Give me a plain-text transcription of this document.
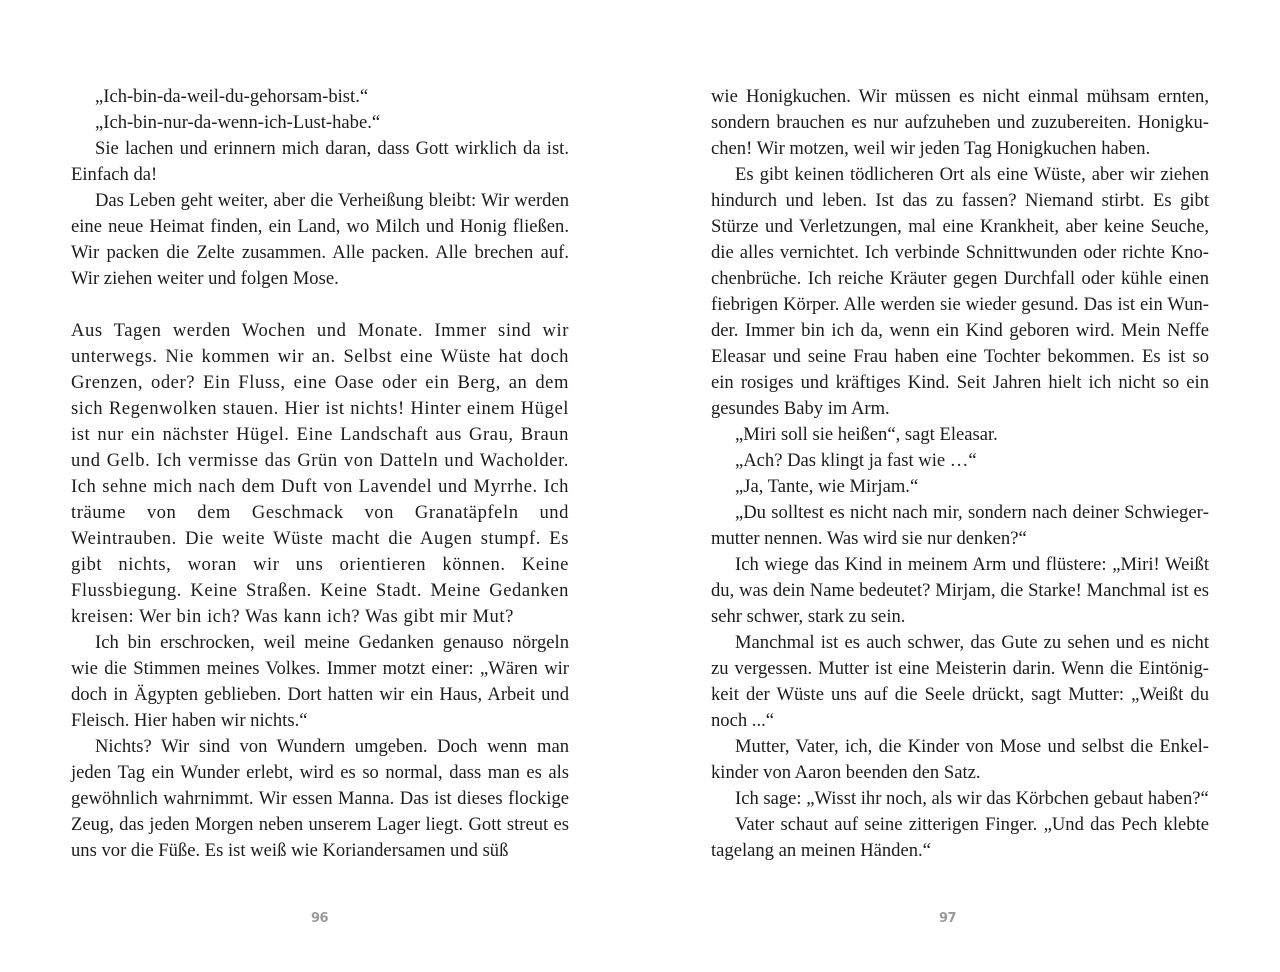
„Ich-bin-da-weil-du-gehorsam-bist.“

„Ich-bin-nur-da-wenn-ich-Lust-habe.“

Sie lachen und erinnern mich daran, dass Gott wirklich da ist. Einfach da!

Das Leben geht weiter, aber die Verheißung bleibt: Wir werden eine neue Heimat finden, ein Land, wo Milch und Honig fließen. Wir packen die Zelte zusammen. Alle packen. Alle brechen auf. Wir ziehen weiter und folgen Mose.

Aus Tagen werden Wochen und Monate. Immer sind wir unterwegs. Nie kommen wir an. Selbst eine Wüste hat doch Grenzen, oder? Ein Fluss, eine Oase oder ein Berg, an dem sich Regenwolken stauen. Hier ist nichts! Hinter einem Hügel ist nur ein nächster Hügel. Eine Landschaft aus Grau, Braun und Gelb. Ich vermisse das Grün von Datteln und Wacholder. Ich sehne mich nach dem Duft von Lavendel und Myrrhe. Ich träume von dem Geschmack von Granatäpfeln und Weintrauben. Die weite Wüste macht die Augen stumpf. Es gibt nichts, woran wir uns orientieren können. Keine Flussbiegung. Keine Straßen. Keine Stadt. Meine Gedanken kreisen: Wer bin ich? Was kann ich? Was gibt mir Mut?

Ich bin erschrocken, weil meine Gedanken genauso nörgeln wie die Stimmen meines Volkes. Immer motzt einer: „Wären wir doch in Ägypten geblieben. Dort hatten wir ein Haus, Arbeit und Fleisch. Hier haben wir nichts.“

Nichts? Wir sind von Wundern umgeben. Doch wenn man jeden Tag ein Wunder erlebt, wird es so normal, dass man es als gewöhnlich wahrnimmt. Wir essen Manna. Das ist dieses flockige Zeug, das jeden Morgen neben unserem Lager liegt. Gott streut es uns vor die Füße. Es ist weiß wie Koriandersamen und süß

wie Honigkuchen. Wir müssen es nicht einmal mühsam ernten, sondern brauchen es nur aufzuheben und zuzubereiten. Honigkuchen! Wir motzen, weil wir jeden Tag Honigkuchen haben.

Es gibt keinen tödlicheren Ort als eine Wüste, aber wir ziehen hindurch und leben. Ist das zu fassen? Niemand stirbt. Es gibt Stürze und Verletzungen, mal eine Krankheit, aber keine Seuche, die alles vernichtet. Ich verbinde Schnittwunden oder richte Knochenbrüche. Ich reiche Kräuter gegen Durchfall oder kühle einen fiebrigen Körper. Alle werden sie wieder gesund. Das ist ein Wunder. Immer bin ich da, wenn ein Kind geboren wird. Mein Neffe Eleasar und seine Frau haben eine Tochter bekommen. Es ist so ein rosiges und kräftiges Kind. Seit Jahren hielt ich nicht so ein gesundes Baby im Arm.

„Miri soll sie heißen“, sagt Eleasar.

„Ach? Das klingt ja fast wie …“

„Ja, Tante, wie Mirjam.“

„Du solltest es nicht nach mir, sondern nach deiner Schwiegermutter nennen. Was wird sie nur denken?“

Ich wiege das Kind in meinem Arm und flüstere: „Miri! Weißt du, was dein Name bedeutet? Mirjam, die Starke! Manchmal ist es sehr schwer, stark zu sein.

Manchmal ist es auch schwer, das Gute zu sehen und es nicht zu vergessen. Mutter ist eine Meisterin darin. Wenn die Eintönigkeit der Wüste uns auf die Seele drückt, sagt Mutter: „Weißt du noch ...“

Mutter, Vater, ich, die Kinder von Mose und selbst die Enkelkinder von Aaron beenden den Satz.

Ich sage: „Wisst ihr noch, als wir das Körbchen gebaut haben?“

Vater schaut auf seine zitterigen Finger. „Und das Pech klebte tagelang an meinen Händen.“

96	97
